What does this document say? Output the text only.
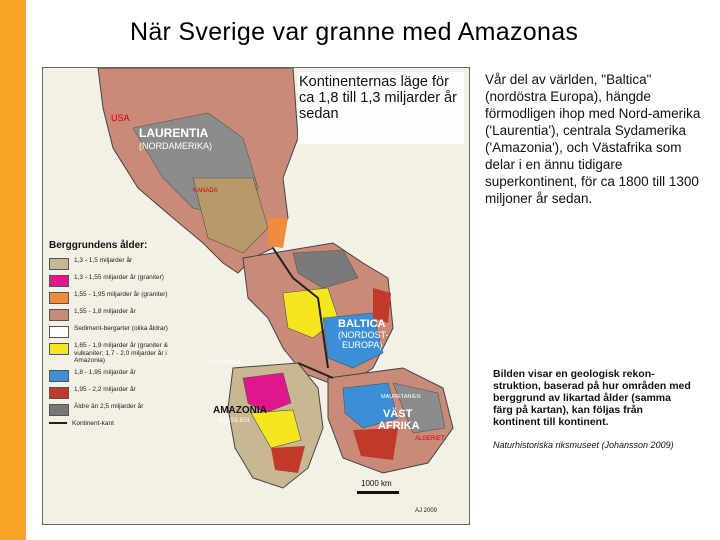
När Sverige var granne med Amazonas
Kontinenternas läge för ca 1,8 till 1,3 miljarder år sedan
USA
LAURENTIA
(NORDAMERIKA)
KANADA
BALTICA
(NORDOST-
EUROPA)
AMAZONIA
BRASILIEN
COLOMBIA
VÄST
AFRIKA
MAURETANIEN
ALGERIET
Berggrundens ålder:
1,3 - 1,5 miljarder år
1,3 - 1,55 miljarder år (graniter)
1,55 - 1,95 miljarder år (graniter)
1,55 - 1,8 miljarder år
Sediment-bergarter (olika åldrar)
1,65 - 1,9 miljarder år (graniter & vulkaniter; 1,7 - 2,0 miljarder år i Amazonia)
1,8 - 1,95 miljarder år
1,95 - 2,2 miljarder år
Äldre än 2,5 miljarder år
Kontinent-kant
1000 km
AJ 2009
Vår del av världen, "Baltica" (nordöstra Europa), hängde förmodligen ihop med Nord-amerika ('Laurentia'), centrala Sydamerika ('Amazonia'), och Västafrika som delar i en ännu tidigare superkontinent, för ca 1800 till 1300 miljoner år sedan.
Bilden visar en geologisk rekon-struktion, baserad på hur områden med berggrund av likartad ålder (samma färg på kartan), kan följas från kontinent till kontinent.
Naturhistoriska riksmuseet (Johansson 2009)
